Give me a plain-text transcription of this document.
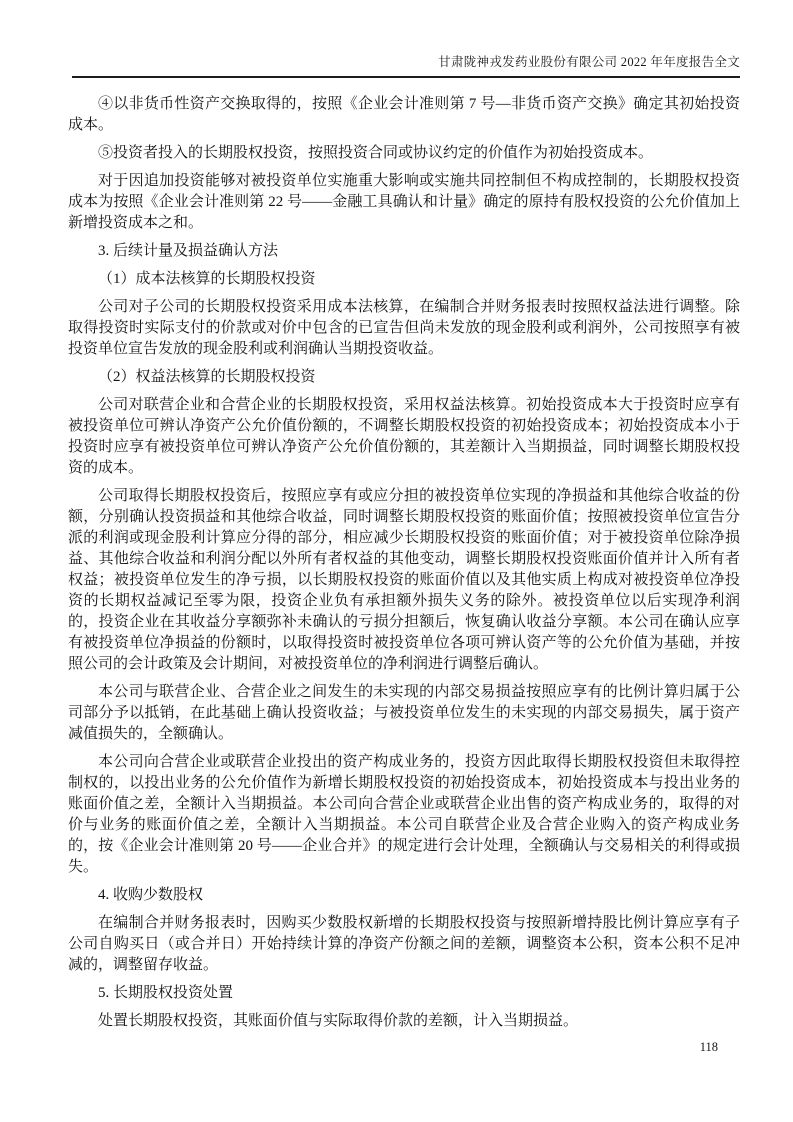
甘肃陇神戎发药业股份有限公司 2022 年年度报告全文

④以非货币性资产交换取得的，按照《企业会计准则第 7 号—非货币资产交换》确定其初始投资成本。

⑤投资者投入的长期股权投资，按照投资合同或协议约定的价值作为初始投资成本。

对于因追加投资能够对被投资单位实施重大影响或实施共同控制但不构成控制的，长期股权投资成本为按照《企业会计准则第 22 号——金融工具确认和计量》确定的原持有股权投资的公允价值加上新增投资成本之和。

3. 后续计量及损益确认方法

（1）成本法核算的长期股权投资

公司对子公司的长期股权投资采用成本法核算，在编制合并财务报表时按照权益法进行调整。除取得投资时实际支付的价款或对价中包含的已宣告但尚未发放的现金股利或利润外，公司按照享有被投资单位宣告发放的现金股利或利润确认当期投资收益。

（2）权益法核算的长期股权投资

公司对联营企业和合营企业的长期股权投资，采用权益法核算。初始投资成本大于投资时应享有被投资单位可辨认净资产公允价值份额的，不调整长期股权投资的初始投资成本；初始投资成本小于投资时应享有被投资单位可辨认净资产公允价值份额的，其差额计入当期损益，同时调整长期股权投资的成本。

公司取得长期股权投资后，按照应享有或应分担的被投资单位实现的净损益和其他综合收益的份额，分别确认投资损益和其他综合收益，同时调整长期股权投资的账面价值；按照被投资单位宣告分派的利润或现金股利计算应分得的部分，相应减少长期股权投资的账面价值；对于被投资单位除净损益、其他综合收益和利润分配以外所有者权益的其他变动，调整长期股权投资账面价值并计入所有者权益；被投资单位发生的净亏损，以长期股权投资的账面价值以及其他实质上构成对被投资单位净投资的长期权益减记至零为限，投资企业负有承担额外损失义务的除外。被投资单位以后实现净利润的，投资企业在其收益分享额弥补未确认的亏损分担额后，恢复确认收益分享额。本公司在确认应享有被投资单位净损益的份额时，以取得投资时被投资单位各项可辨认资产等的公允价值为基础，并按照公司的会计政策及会计期间，对被投资单位的净利润进行调整后确认。

本公司与联营企业、合营企业之间发生的未实现的内部交易损益按照应享有的比例计算归属于公司部分予以抵销，在此基础上确认投资收益；与被投资单位发生的未实现的内部交易损失，属于资产减值损失的，全额确认。

本公司向合营企业或联营企业投出的资产构成业务的，投资方因此取得长期股权投资但未取得控制权的，以投出业务的公允价值作为新增长期股权投资的初始投资成本，初始投资成本与投出业务的账面价值之差，全额计入当期损益。本公司向合营企业或联营企业出售的资产构成业务的，取得的对价与业务的账面价值之差，全额计入当期损益。本公司自联营企业及合营企业购入的资产构成业务的，按《企业会计准则第 20 号——企业合并》的规定进行会计处理，全额确认与交易相关的利得或损失。

4. 收购少数股权

在编制合并财务报表时，因购买少数股权新增的长期股权投资与按照新增持股比例计算应享有子公司自购买日（或合并日）开始持续计算的净资产份额之间的差额，调整资本公积，资本公积不足冲减的，调整留存收益。

5. 长期股权投资处置

处置长期股权投资，其账面价值与实际取得价款的差额，计入当期损益。

118
